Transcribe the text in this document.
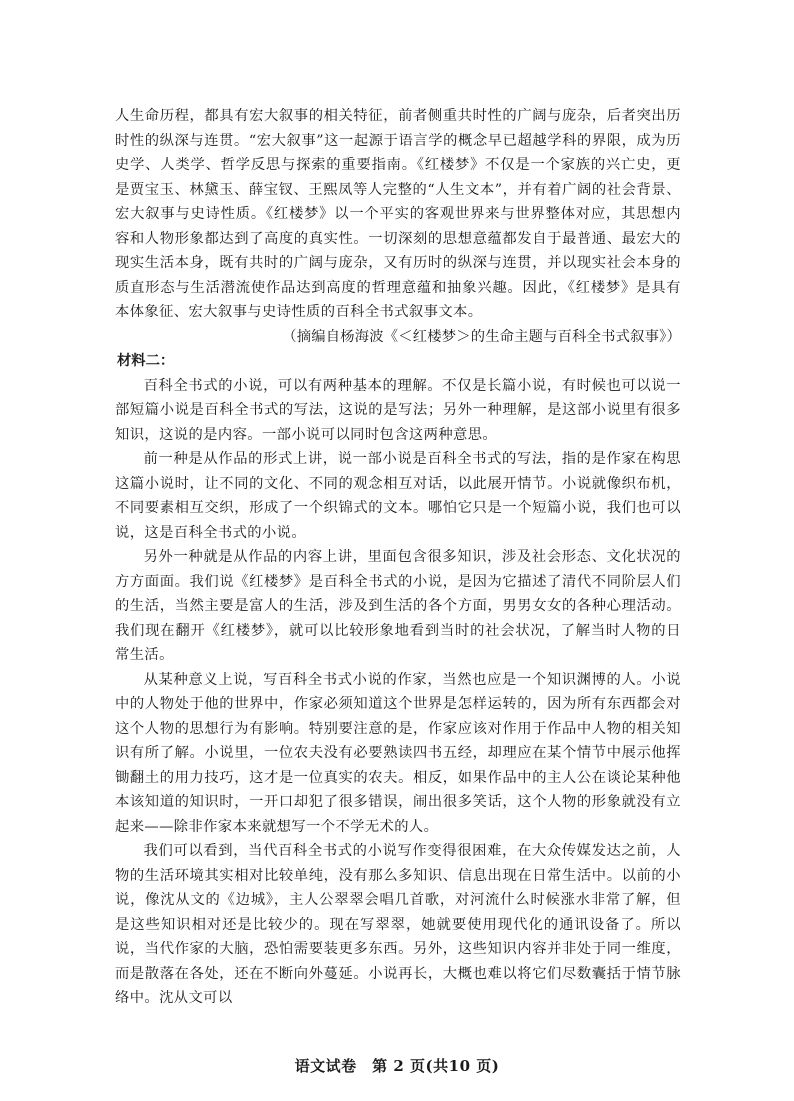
人生命历程，都具有宏大叙事的相关特征，前者侧重共时性的广阔与庞杂，后者突出历时性的纵深与连贯。“宏大叙事”这一起源于语言学的概念早已超越学科的界限，成为历史学、人类学、哲学反思与探索的重要指南。《红楼梦》不仅是一个家族的兴亡史，更是贾宝玉、林黛玉、薛宝钗、王熙凤等人完整的“人生文本”，并有着广阔的社会背景、宏大叙事与史诗性质。《红楼梦》以一个平实的客观世界来与世界整体对应，其思想内容和人物形象都达到了高度的真实性。一切深刻的思想意蕴都发自于最普通、最宏大的现实生活本身，既有共时的广阔与庞杂，又有历时的纵深与连贯，并以现实社会本身的质直形态与生活潜流使作品达到高度的哲理意蕴和抽象兴趣。因此，《红楼梦》是具有本体象征、宏大叙事与史诗性质的百科全书式叙事文本。

（摘编自杨海波《＜红楼梦＞的生命主题与百科全书式叙事》）

材料二：

百科全书式的小说，可以有两种基本的理解。不仅是长篇小说，有时候也可以说一部短篇小说是百科全书式的写法，这说的是写法；另外一种理解，是这部小说里有很多知识，这说的是内容。一部小说可以同时包含这两种意思。

前一种是从作品的形式上讲，说一部小说是百科全书式的写法，指的是作家在构思这篇小说时，让不同的文化、不同的观念相互对话，以此展开情节。小说就像织布机，不同要素相互交织，形成了一个织锦式的文本。哪怕它只是一个短篇小说，我们也可以说，这是百科全书式的小说。

另外一种就是从作品的内容上讲，里面包含很多知识，涉及社会形态、文化状况的方方面面。我们说《红楼梦》是百科全书式的小说，是因为它描述了清代不同阶层人们的生活，当然主要是富人的生活，涉及到生活的各个方面，男男女女的各种心理活动。我们现在翻开《红楼梦》，就可以比较形象地看到当时的社会状况，了解当时人物的日常生活。

从某种意义上说，写百科全书式小说的作家，当然也应是一个知识渊博的人。小说中的人物处于他的世界中，作家必须知道这个世界是怎样运转的，因为所有东西都会对这个人物的思想行为有影响。特别要注意的是，作家应该对作用于作品中人物的相关知识有所了解。小说里，一位农夫没有必要熟读四书五经，却理应在某个情节中展示他挥锄翻土的用力技巧，这才是一位真实的农夫。相反，如果作品中的主人公在谈论某种他本该知道的知识时，一开口却犯了很多错误，闹出很多笑话，这个人物的形象就没有立起来——除非作家本来就想写一个不学无术的人。

我们可以看到，当代百科全书式的小说写作变得很困难，在大众传媒发达之前，人物的生活环境其实相对比较单纯，没有那么多知识、信息出现在日常生活中。以前的小说，像沈从文的《边城》，主人公翠翠会唱几首歌，对河流什么时候涨水非常了解，但是这些知识相对还是比较少的。现在写翠翠，她就要使用现代化的通讯设备了。所以说，当代作家的大脑，恐怕需要装更多东西。另外，这些知识内容并非处于同一维度，而是散落在各处，还在不断向外蔓延。小说再长，大概也难以将它们尽数囊括于情节脉络中。沈从文可以

语文试卷　第 2 页(共10 页)
